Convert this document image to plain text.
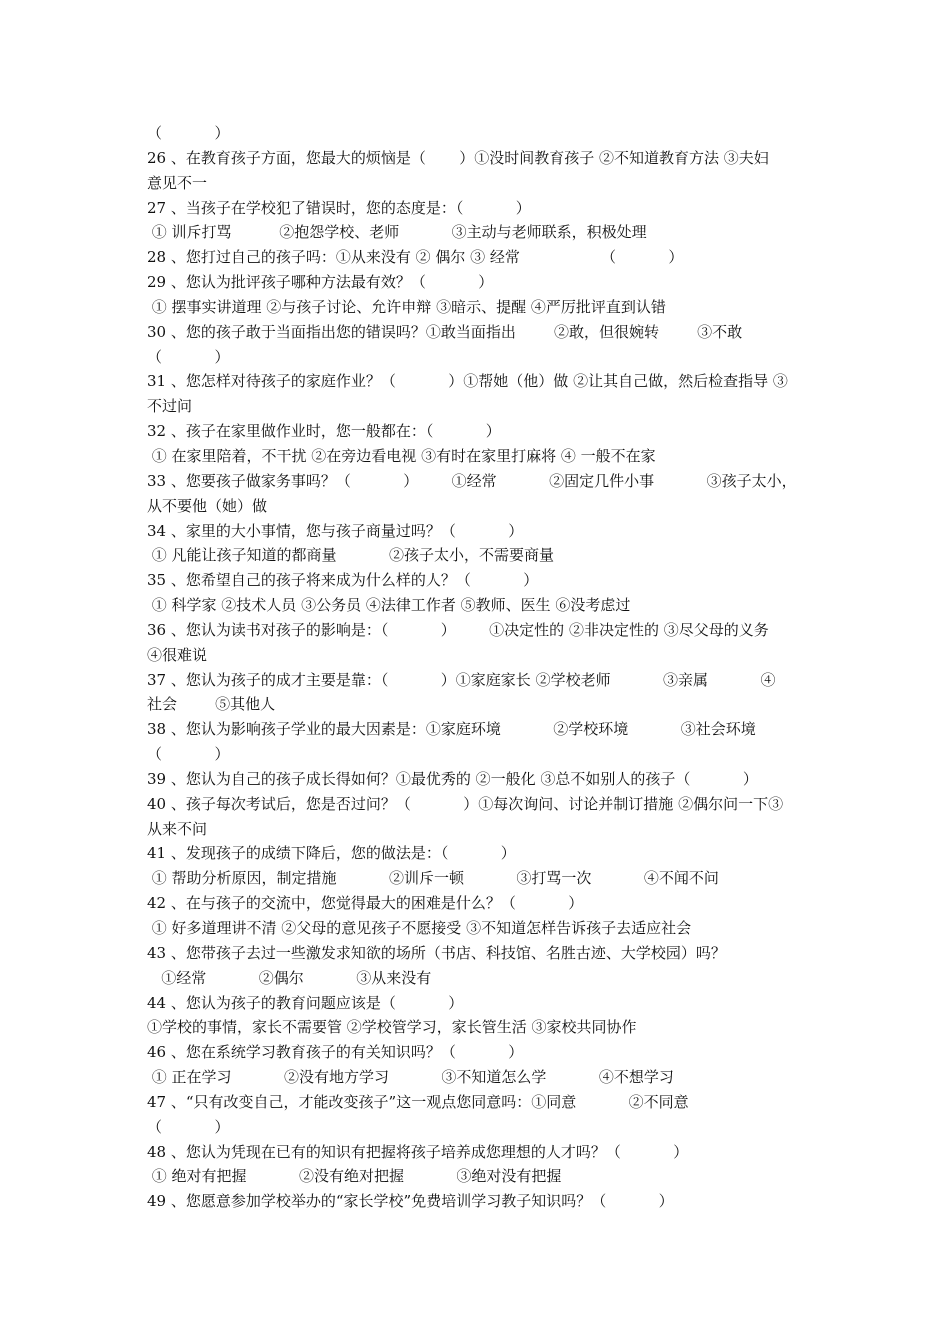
（           ）
26 、在教育孩子方面，您最大的烦恼是（       ）①没时间教育孩子 ②不知道教育方法 ③夫妇
意见不一
27 、当孩子在学校犯了错误时，您的态度是：（           ）
① 训斥打骂          ②抱怨学校、老师           ③主动与老师联系，积极处理
28 、您打过自己的孩子吗：①从来没有 ② 偶尔 ③ 经常                 （           ）
29 、您认为批评孩子哪种方法最有效？（           ）
① 摆事实讲道理 ②与孩子讨论、允许申辩 ③暗示、提醒 ④严厉批评直到认错
30 、您的孩子敢于当面指出您的错误吗？①敢当面指出        ②敢，但很婉转        ③不敢
（           ）
31 、您怎样对待孩子的家庭作业？（           ）①帮她（他）做 ②让其自己做，然后检查指导 ③
不过问
32 、孩子在家里做作业时，您一般都在：（           ）
① 在家里陪着，不干扰 ②在旁边看电视 ③有时在家里打麻将 ④ 一般不在家
33 、您要孩子做家务事吗？（           ）       ①经常           ②固定几件小事           ③孩子太小，
从不要他（她）做
34 、家里的大小事情，您与孩子商量过吗？（           ）
① 凡能让孩子知道的都商量           ②孩子太小，不需要商量
35 、您希望自己的孩子将来成为什么样的人？（           ）
① 科学家 ②技术人员 ③公务员 ④法律工作者 ⑤教师、医生 ⑥没考虑过
36 、您认为读书对孩子的影响是：（           ）       ①决定性的 ②非决定性的 ③尽父母的义务
④很难说
37 、您认为孩子的成才主要是靠：（           ）①家庭家长 ②学校老师           ③亲属           ④
社会        ⑤其他人
38 、您认为影响孩子学业的最大因素是：①家庭环境           ②学校环境           ③社会环境
（           ）
39 、您认为自己的孩子成长得如何？①最优秀的 ②一般化 ③总不如别人的孩子（           ）
40 、孩子每次考试后，您是否过问？（           ）①每次询问、讨论并制订措施 ②偶尔问一下③
从来不问
41 、发现孩子的成绩下降后，您的做法是：（           ）
① 帮助分析原因，制定措施           ②训斥一顿           ③打骂一次           ④不闻不问
42 、在与孩子的交流中，您觉得最大的困难是什么？（           ）
① 好多道理讲不清 ②父母的意见孩子不愿接受 ③不知道怎样告诉孩子去适应社会
43 、您带孩子去过一些激发求知欲的场所（书店、科技馆、名胜古迹、大学校园）吗？
①经常           ②偶尔           ③从来没有
44 、您认为孩子的教育问题应该是（           ）
①学校的事情，家长不需要管 ②学校管学习，家长管生活 ③家校共同协作
46 、您在系统学习教育孩子的有关知识吗？（           ）
① 正在学习           ②没有地方学习           ③不知道怎么学           ④不想学习
47 、“只有改变自己，才能改变孩子”这一观点您同意吗：①同意           ②不同意
（           ）
48 、您认为凭现在已有的知识有把握将孩子培养成您理想的人才吗？（           ）
① 绝对有把握           ②没有绝对把握           ③绝对没有把握
49 、您愿意参加学校举办的“家长学校”免费培训学习教子知识吗？（           ）
